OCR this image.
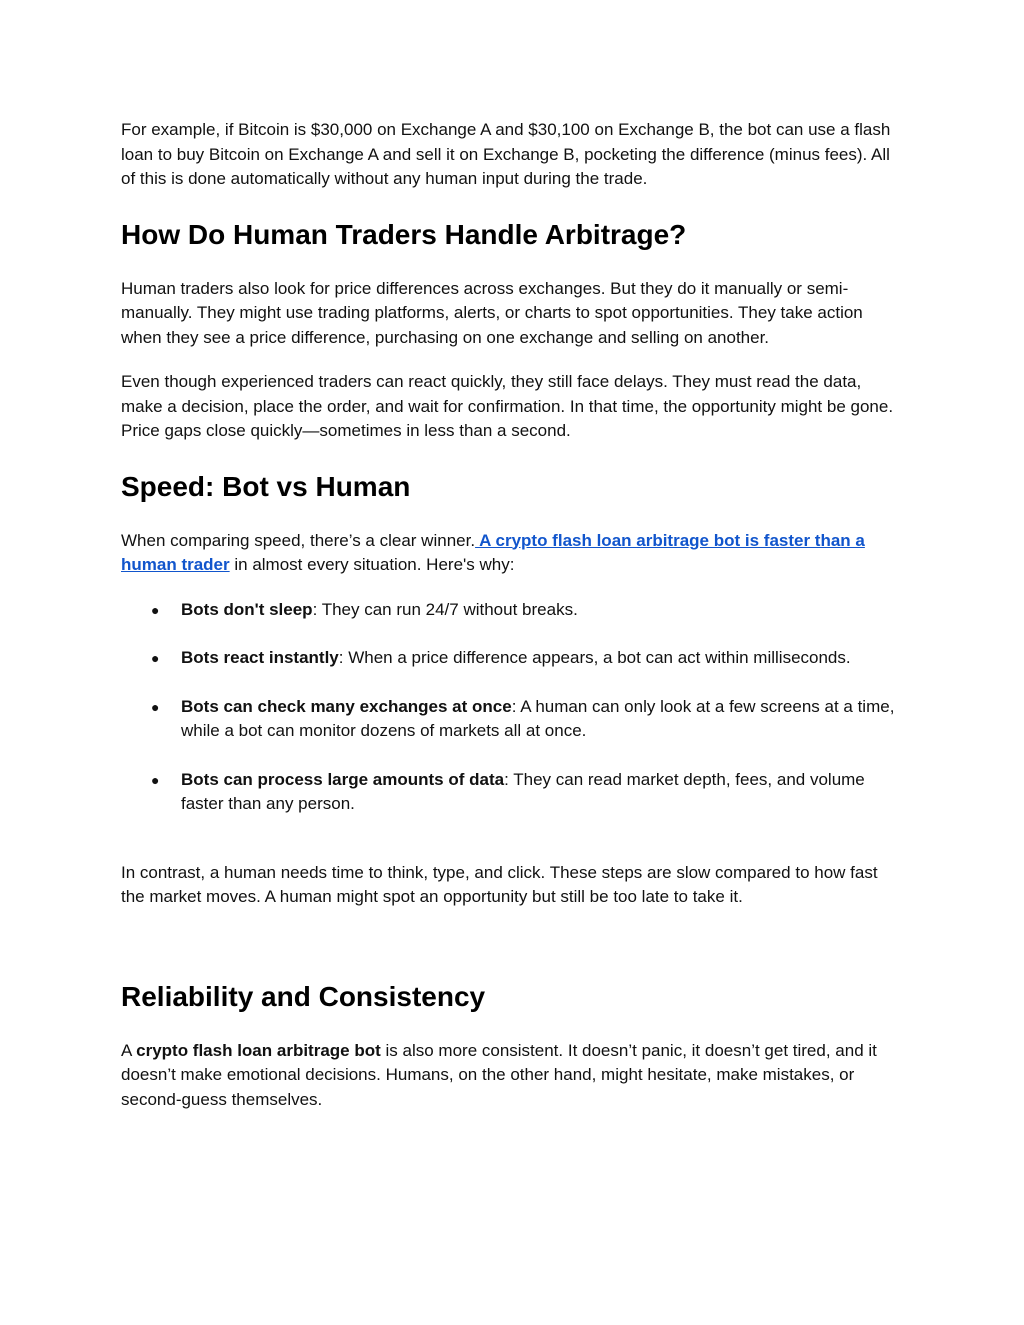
For example, if Bitcoin is $30,000 on Exchange A and $30,100 on Exchange B, the bot can use a flash loan to buy Bitcoin on Exchange A and sell it on Exchange B, pocketing the difference (minus fees). All of this is done automatically without any human input during the trade.

How Do Human Traders Handle Arbitrage?

Human traders also look for price differences across exchanges. But they do it manually or semi-manually. They might use trading platforms, alerts, or charts to spot opportunities. They take action when they see a price difference, purchasing on one exchange and selling on another.

Even though experienced traders can react quickly, they still face delays. They must read the data, make a decision, place the order, and wait for confirmation. In that time, the opportunity might be gone. Price gaps close quickly—sometimes in less than a second.

Speed: Bot vs Human

When comparing speed, there’s a clear winner. A crypto flash loan arbitrage bot is faster than a human trader in almost every situation. Here's why:

● Bots don't sleep: They can run 24/7 without breaks.
● Bots react instantly: When a price difference appears, a bot can act within milliseconds.
● Bots can check many exchanges at once: A human can only look at a few screens at a time, while a bot can monitor dozens of markets all at once.
● Bots can process large amounts of data: They can read market depth, fees, and volume faster than any person.

In contrast, a human needs time to think, type, and click. These steps are slow compared to how fast the market moves. A human might spot an opportunity but still be too late to take it.

Reliability and Consistency

A crypto flash loan arbitrage bot is also more consistent. It doesn’t panic, it doesn’t get tired, and it doesn’t make emotional decisions. Humans, on the other hand, might hesitate, make mistakes, or second-guess themselves.
